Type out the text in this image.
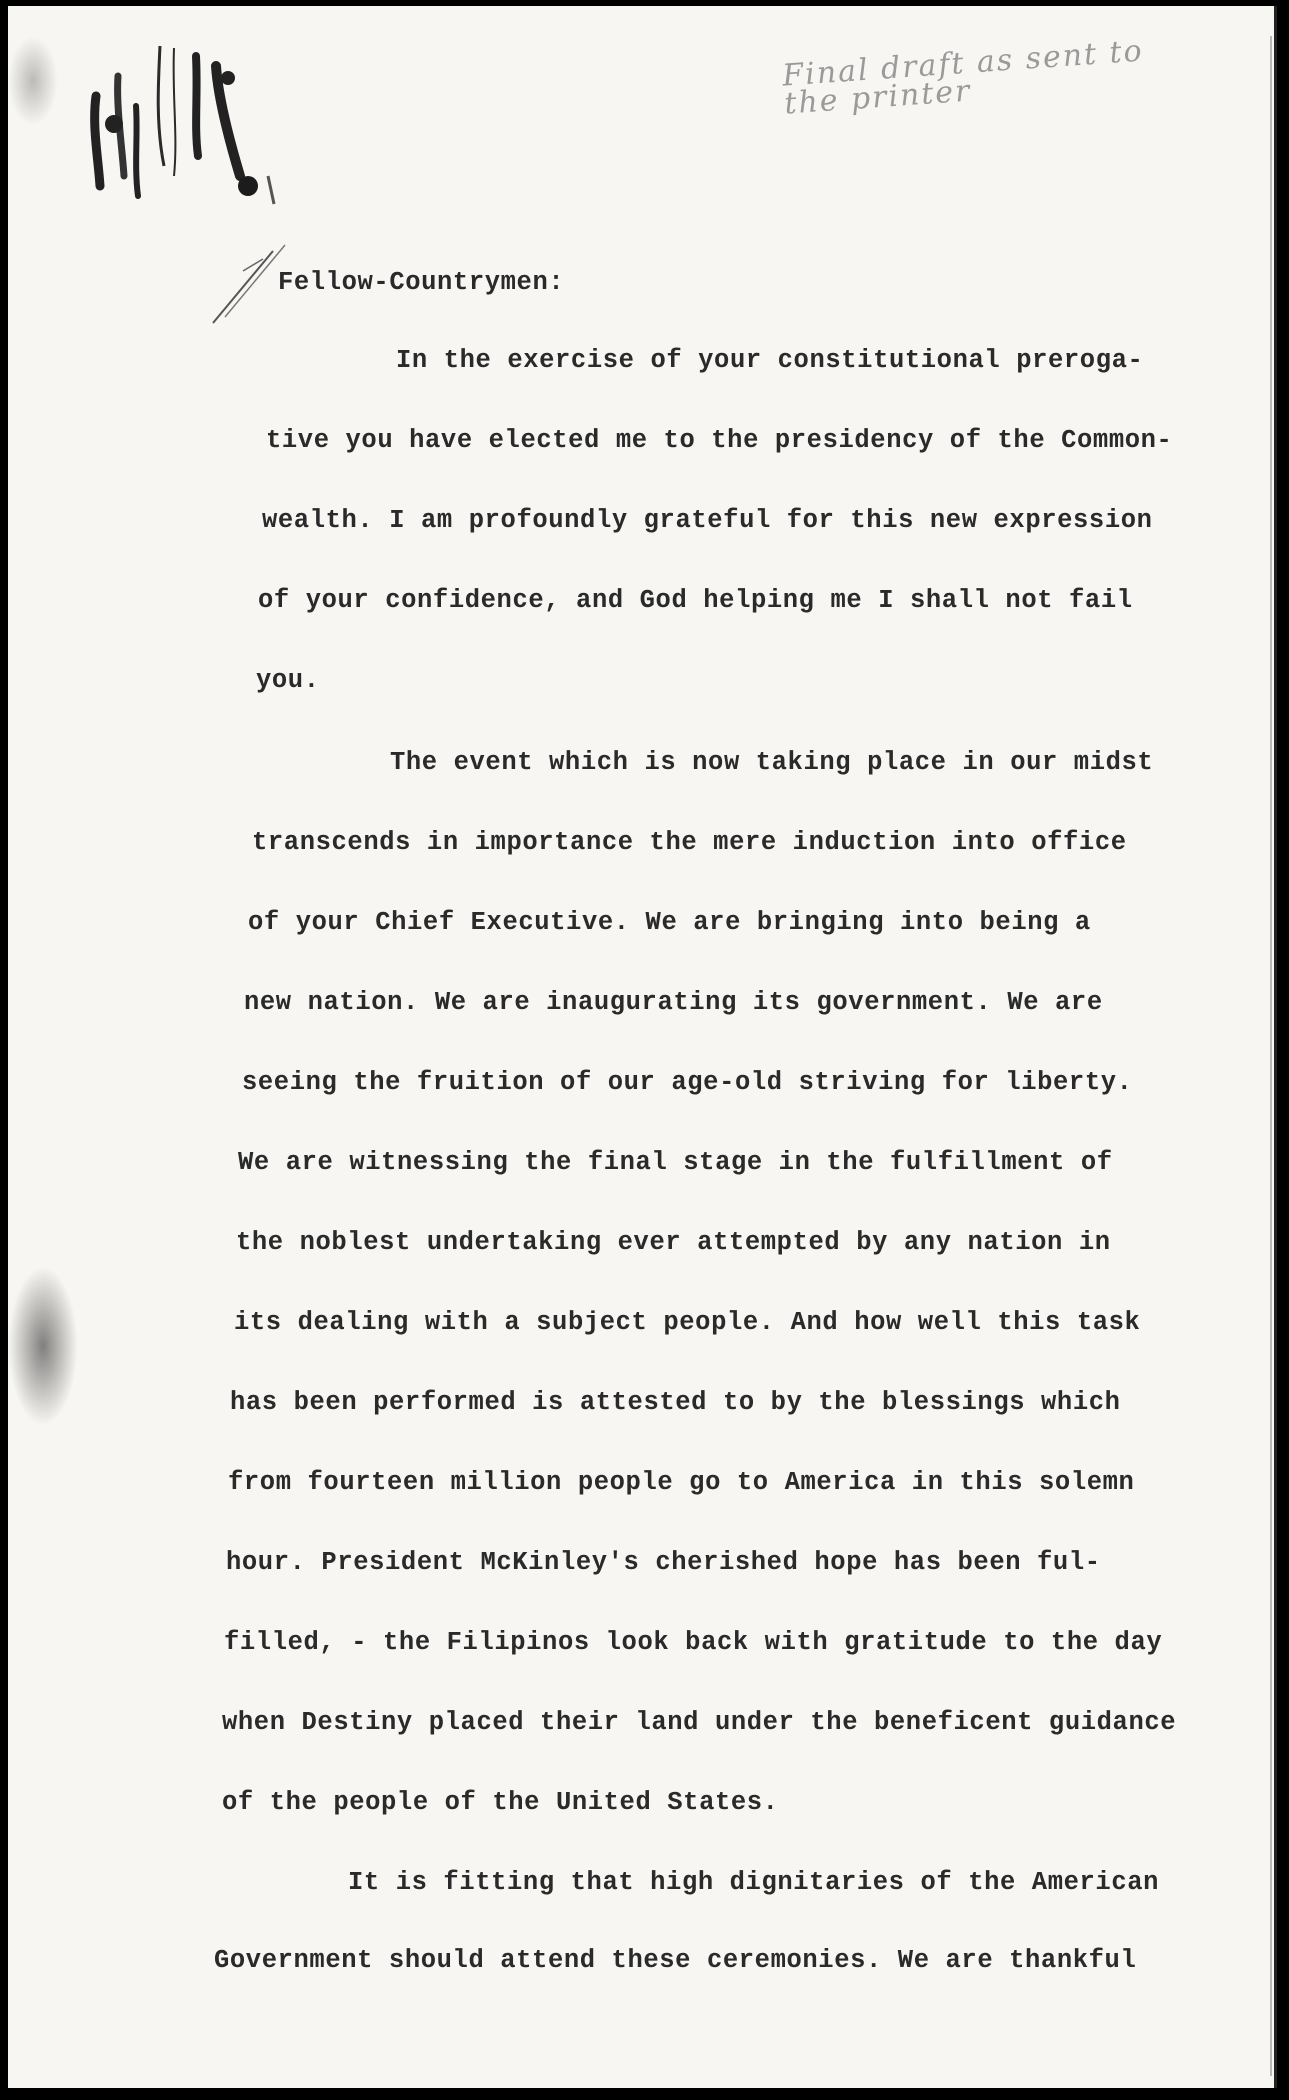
Final draft as sent to the printer

Fellow-Countrymen:

In the exercise of your constitutional preroga-
tive you have elected me to the presidency of the Common-
wealth. I am profoundly grateful for this new expression
of your confidence, and God helping me I shall not fail
you.
The event which is now taking place in our midst
transcends in importance the mere induction into office
of your Chief Executive. We are bringing into being a
new nation. We are inaugurating its government. We are
seeing the fruition of our age-old striving for liberty.
We are witnessing the final stage in the fulfillment of
the noblest undertaking ever attempted by any nation in
its dealing with a subject people. And how well this task
has been performed is attested to by the blessings which
from fourteen million people go to America in this solemn
hour. President McKinley's cherished hope has been ful-
filled, - the Filipinos look back with gratitude to the day
when Destiny placed their land under the beneficent guidance
of the people of the United States.
It is fitting that high dignitaries of the American
Government should attend these ceremonies. We are thankful
